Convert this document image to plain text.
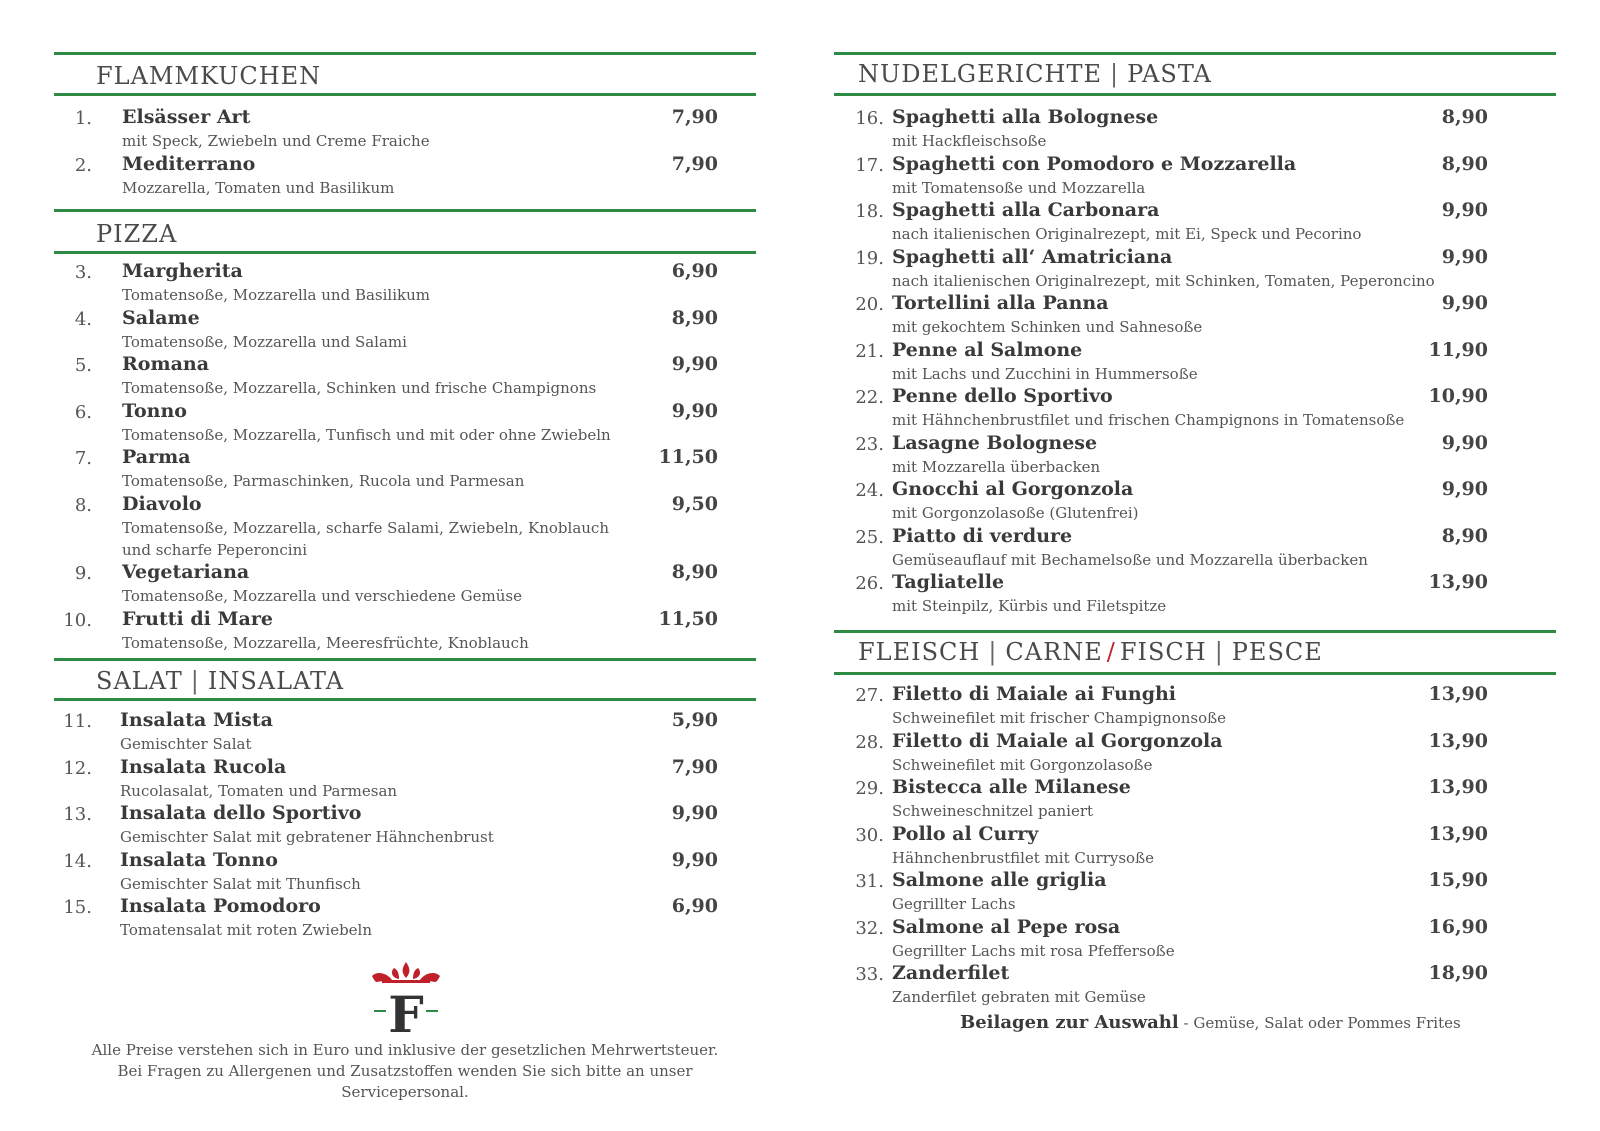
FLAMMKUCHEN
1. Elsässer Art
mit Speck, Zwiebeln und Creme Fraiche
7,90
2. Mediterrano
Mozzarella, Tomaten und Basilikum
7,90
PIZZA
3. Margherita
Tomatensoße, Mozzarella und Basilikum
6,90
4. Salame
Tomatensoße, Mozzarella und Salami
8,90
5. Romana
Tomatensoße, Mozzarella, Schinken und frische Champignons
9,90
6. Tonno
Tomatensoße, Mozzarella, Tunfisch und mit oder ohne Zwiebeln
9,90
7. Parma
Tomatensoße, Parmaschinken, Rucola und Parmesan
11,50
8. Diavolo
Tomatensoße, Mozzarella, scharfe Salami, Zwiebeln, Knoblauch
9,50
und scharfe Peperoncini
9. Vegetariana
Tomatensoße, Mozzarella und verschiedene Gemüse
8,90
10. Frutti di Mare
Tomatensoße, Mozzarella, Meeresfrüchte, Knoblauch
11,50
SALAT | INSALATA
11. Insalata Mista
Gemischter Salat
5,90
12. Insalata Rucola
Rucolasalat, Tomaten und Parmesan
7,90
13. Insalata dello Sportivo
Gemischter Salat mit gebratener Hähnchenbrust
9,90
14. Insalata Tonno
Gemischter Salat mit Thunfisch
9,90
15. Insalata Pomodoro
Tomatensalat mit roten Zwiebeln
6,90
NUDELGERICHTE | PASTA
16. Spaghetti alla Bolognese
mit Hackfleischsoße
8,90
17. Spaghetti con Pomodoro e Mozzarella
mit Tomatensoße und Mozzarella
8,90
18. Spaghetti alla Carbonara
nach italienischen Originalrezept, mit Ei, Speck und Pecorino
9,90
19. Spaghetti all‘ Amatriciana
nach italienischen Originalrezept, mit Schinken, Tomaten, Peperoncino
9,90
20. Tortellini alla Panna
mit gekochtem Schinken und Sahnesoße
9,90
21. Penne al Salmone
mit Lachs und Zucchini in Hummersoße
11,90
22. Penne dello Sportivo
mit Hähnchenbrustfilet und frischen Champignons in Tomatensoße
10,90
23. Lasagne Bolognese
mit Mozzarella überbacken
9,90
24. Gnocchi al Gorgonzola
mit Gorgonzolasoße (Glutenfrei)
9,90
25. Piatto di verdure
Gemüseauflauf mit Bechamelsoße und Mozzarella überbacken
8,90
26. Tagliatelle
mit Steinpilz, Kürbis und Filetspitze
13,90
FLEISCH | CARNE / FISCH | PESCE
27. Filetto di Maiale ai Funghi
Schweinefilet mit frischer Champignonsoße
13,90
28. Filetto di Maiale al Gorgonzola
Schweinefilet mit Gorgonzolasoße
13,90
29. Bistecca alle Milanese
Schweineschnitzel paniert
13,90
30. Pollo al Curry
Hähnchenbrustfilet mit Currysoße
13,90
31. Salmone alle griglia
Gegrillter Lachs
15,90
32. Salmone al Pepe rosa
Gegrillter Lachs mit rosa Pfeffersoße
16,90
33. Zanderfilet
Zanderfilet gebraten mit Gemüse
18,90
F
Alle Preise verstehen sich in Euro und inklusive der gesetzlichen Mehrwertsteuer.
Bei Fragen zu Allergenen und Zusatzstoffen wenden Sie sich bitte an unser Servicepersonal.
Beilagen zur Auswahl - Gemüse, Salat oder Pommes Frites
